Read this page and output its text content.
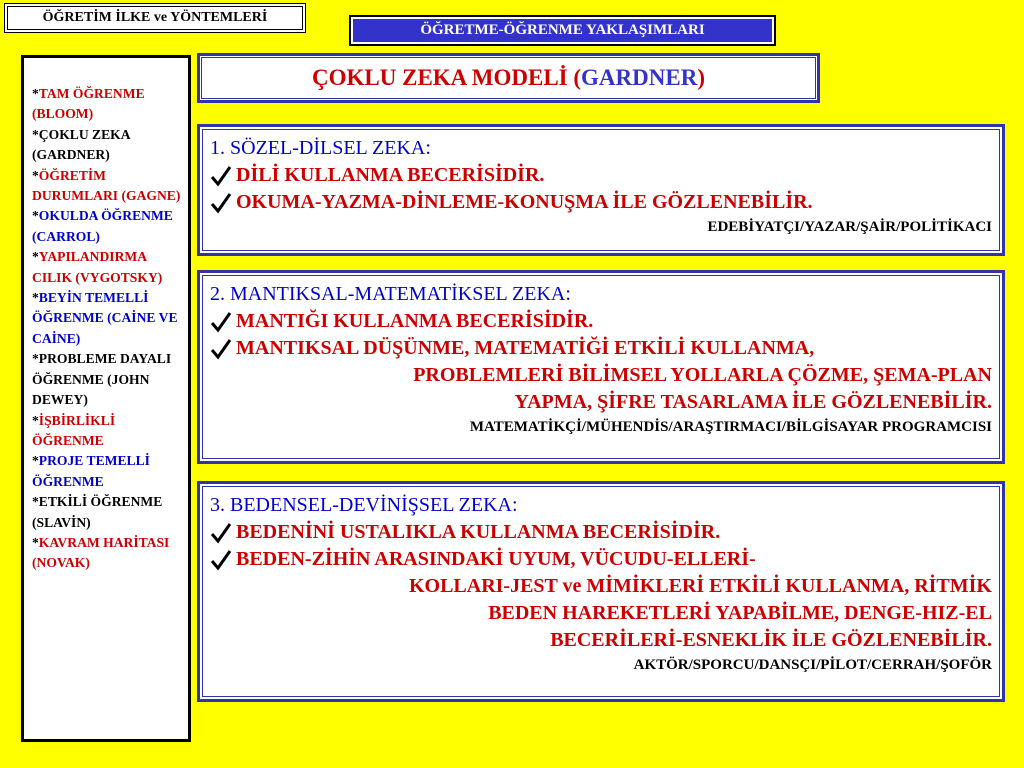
ÖĞRETİM İLKE ve YÖNTEMLERİ
ÖĞRETME-ÖĞRENME YAKLAŞIMLARI
*TAM ÖĞRENME (BLOOM)
*ÇOKLU ZEKA (GARDNER)
*ÖĞRETİM DURUMLARI (GAGNE)
*OKULDA ÖĞRENME (CARROL)
*YAPILANDIRMA CILIK (VYGOTSKY)
*BEYİN TEMELLİ ÖĞRENME (CAİNE VE CAİNE)
*PROBLEME DAYALI ÖĞRENME (JOHN DEWEY)
*İŞBİRLİKLİ ÖĞRENME
*PROJE TEMELLİ ÖĞRENME
*ETKİLİ ÖĞRENME (SLAVİN)
*KAVRAM HARİTASI (NOVAK)
ÇOKLU ZEKA MODELİ ( GARDNER )
1. SÖZEL-DİLSEL ZEKA:
DİLİ KULLANMA BECERİSİDİR.
OKUMA-YAZMA-DİNLEME-KONUŞMA İLE GÖZLENEBİLİR.
EDEBİYATÇI/YAZAR/ŞAİR/POLİTİKACI
2. MANTIKSAL-MATEMATİKSEL ZEKA:
MANTIĞI KULLANMA BECERİSİDİR.
MANTIKSAL DÜŞÜNME, MATEMATİĞİ ETKİLİ KULLANMA,
PROBLEMLERİ BİLİMSEL YOLLARLA ÇÖZME, ŞEMA-PLAN
YAPMA, ŞİFRE TASARLAMA İLE GÖZLENEBİLİR.
MATEMATİKÇİ/MÜHENDİS/ARAŞTIRMACI/BİLGİSAYAR PROGRAMCISI
3. BEDENSEL-DEVİNİŞSEL ZEKA:
BEDENİNİ USTALIKLA KULLANMA BECERİSİDİR.
BEDEN-ZİHİN ARASINDAKİ UYUM, VÜCUDU-ELLERİ-
KOLLARI-JEST ve MİMİKLERİ ETKİLİ KULLANMA, RİTMİK
BEDEN HAREKETLERİ YAPABİLME, DENGE-HIZ-EL
BECERİLERİ-ESNEKLİK İLE GÖZLENEBİLİR.
AKTÖR/SPORCU/DANSÇI/PİLOT/CERRAH/ŞOFÖR
